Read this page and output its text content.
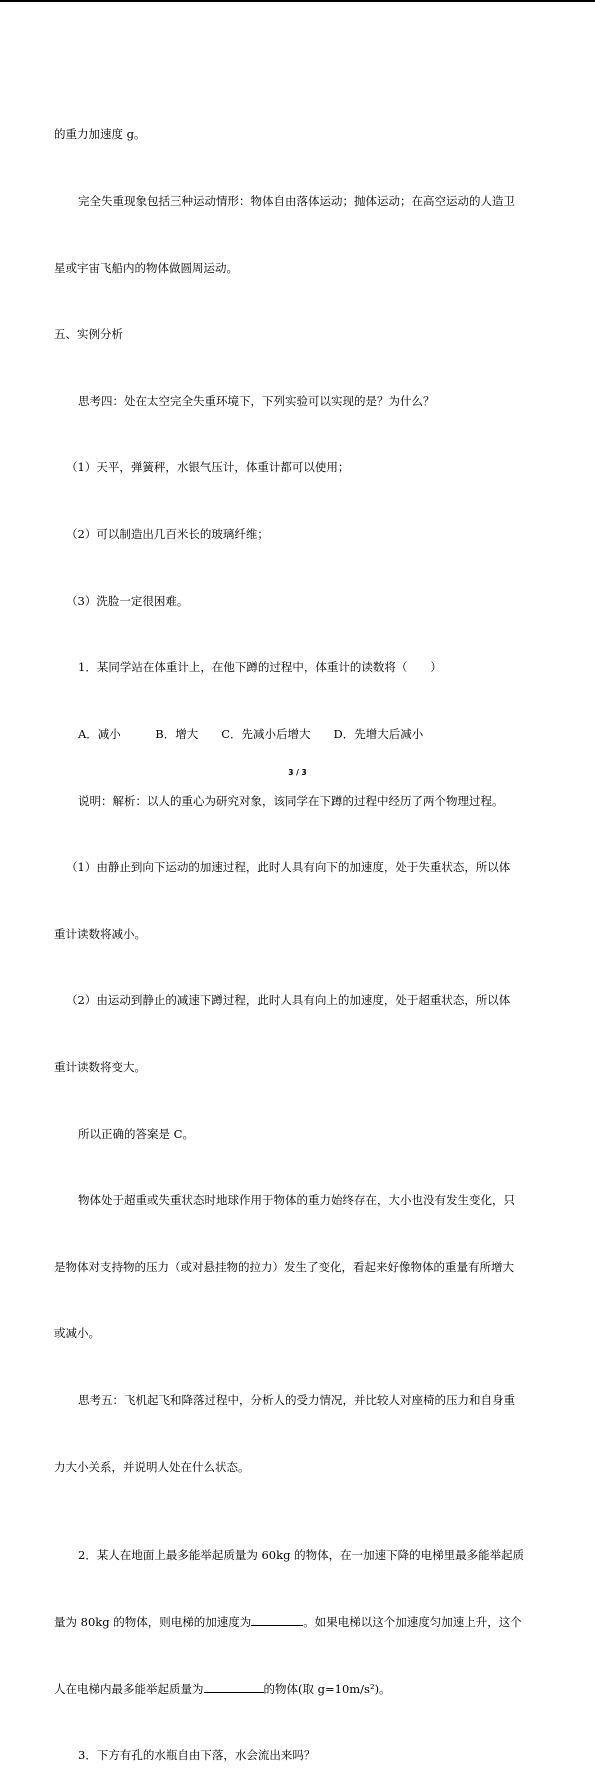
的重力加速度 g。

完全失重现象包括三种运动情形：物体自由落体运动；抛体运动；在高空运动的人造卫

星或宇宙飞船内的物体做圆周运动。

五、实例分析

思考四：处在太空完全失重环境下，下列实验可以实现的是？为什么？

（1）天平，弹簧秤，水银气压计，体重计都可以使用；

（2）可以制造出几百米长的玻璃纤维；

（3）洗脸一定很困难。

1．某同学站在体重计上，在他下蹲的过程中，体重计的读数将（　　）

A．减小　　　B．增大　　C．先减小后增大　　D．先增大后减小

说明：解析：以人的重心为研究对象，该同学在下蹲的过程中经历了两个物理过程。

（1）由静止到向下运动的加速过程，此时人具有向下的加速度，处于失重状态，所以体

重计读数将减小。

（2）由运动到静止的减速下蹲过程，此时人具有向上的加速度，处于超重状态，所以体

重计读数将变大。

所以正确的答案是 C。

物体处于超重或失重状态时地球作用于物体的重力始终存在，大小也没有发生变化，只

是物体对支持物的压力（或对悬挂物的拉力）发生了变化，看起来好像物体的重量有所增大

或减小。

思考五：飞机起飞和降落过程中，分析人的受力情况，并比较人对座椅的压力和自身重

力大小关系，并说明人处在什么状态。

2．某人在地面上最多能举起质量为 60kg 的物体，在一加速下降的电梯里最多能举起质

量为 80kg 的物体，则电梯的加速度为	。如果电梯以这个加速度匀加速上升，这个

人在电梯内最多能举起质量为	的物体(取 g=10m/s²)。

3．下方有孔的水瓶自由下落，水会流出来吗？

3 / 3
